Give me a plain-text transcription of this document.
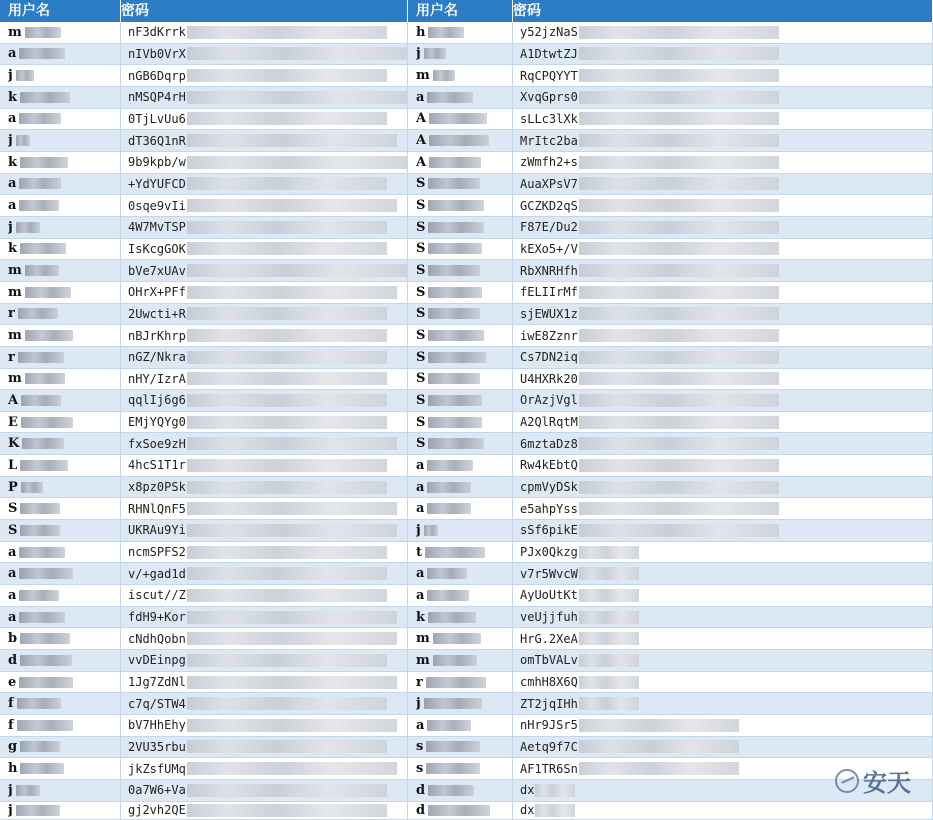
用户名	密码	用户名	密码
m	nF3dKrrk	h	y52jzNaS
a	nIVb0VrX	j	A1DtwtZJ
j	nGB6Dqrp	m	RqCPQYYT
k	nMSQP4rH	a	XvqGprs0
a	0TjLvUu6	A	sLLc3lXk
j	dT36Q1nR	A	MrItc2ba
k	9b9kpb/w	A	zWmfh2+s
a	+YdYUFCD	S	AuaXPsV7
a	0sqe9vIi	S	GCZKD2qS
j	4W7MvTSP	S	F87E/Du2
k	IsKcgGOK	S	kEXo5+/V
m	bVe7xUAv	S	RbXNRHfh
m	OHrX+PFf	S	fELIIrMf
r	2Uwcti+R	S	sjEWUX1z
m	nBJrKhrp	S	iwE8Zznr
r	nGZ/Nkra	S	Cs7DN2iq
m	nHY/IzrA	S	U4HXRk20
A	qqlIj6g6	S	OrAzjVgl
E	EMjYQYg0	S	A2QlRqtM
K	fxSoe9zH	S	6mztaDz8
L	4hcS1T1r	a	Rw4kEbtQ
P	x8pz0PSk	a	cpmVyDSk
S	RHNlQnF5	a	e5ahpYss
S	UKRAu9Yi	j	sSf6pikE
a	ncmSPFS2	t	PJx0Qkzg
a	v/+gad1d	a	v7r5WvcW
a	iscut//Z	a	AyUoUtKt
a	fdH9+Kor	k	veUjjfuh
b	cNdhQobn	m	HrG.2XeA
d	vvDEinpg	m	omTbVALv
e	1Jg7ZdNl	r	cmhH8X6Q
f	c7q/STW4	j	ZT2jqIHh
f	bV7HhEhy	a	nHr9JSr5
g	2VU35rbu	s	Aetq9f7C
h	jkZsfUMq	s	AF1TR6Sn
j	0a7W6+Va	d	dx
j	gj2vh2QE	d	dx
安天
